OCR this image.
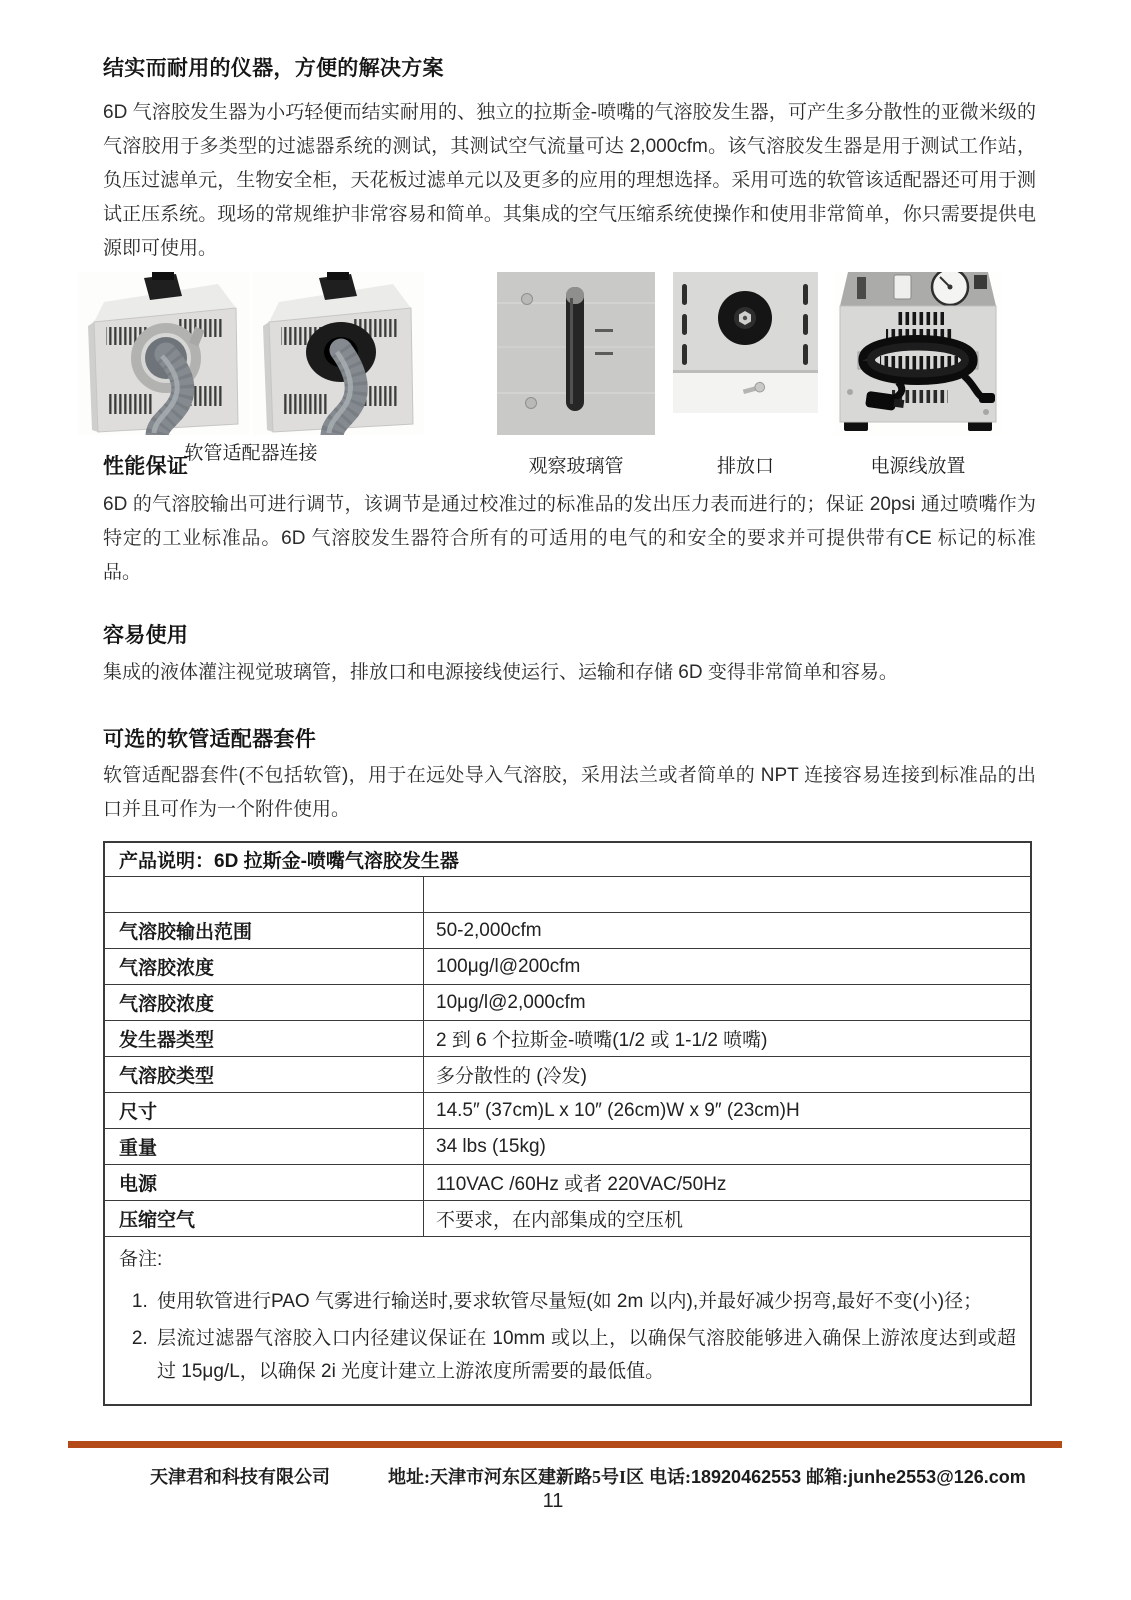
结实而耐用的仪器，方便的解决方案
6D 气溶胶发生器为小巧轻便而结实耐用的、独立的拉斯金-喷嘴的气溶胶发生器，可产生多分散性的亚微米级的气溶胶用于多类型的过滤器系统的测试，其测试空气流量可达 2,000cfm。该气溶胶发生器是用于测试工作站，负压过滤单元，生物安全柜，天花板过滤单元以及更多的应用的理想选择。采用可选的软管该适配器还可用于测试正压系统。现场的常规维护非常容易和简单。其集成的空气压缩系统使操作和使用非常简单，你只需要提供电源即可使用。
软管适配器连接
观察玻璃管	排放口	电源线放置
性能保证
6D 的气溶胶输出可进行调节，该调节是通过校准过的标准品的发出压力表而进行的；保证 20psi 通过喷嘴作为特定的工业标准品。6D 气溶胶发生器符合所有的可适用的电气的和安全的要求并可提供带有CE 标记的标准品。
容易使用
集成的液体灌注视觉玻璃管，排放口和电源接线使运行、运输和存储 6D 变得非常简单和容易。
可选的软管适配器套件
软管适配器套件(不包括软管)，用于在远处导入气溶胶，采用法兰或者简单的 NPT 连接容易连接到标准品的出口并且可作为一个附件使用。
产品说明：6D 拉斯金-喷嘴气溶胶发生器	

气溶胶输出范围	50-2,000cfm
气溶胶浓度	100μg/l@200cfm
气溶胶浓度	10μg/l@2,000cfm
发生器类型	2 到 6 个拉斯金-喷嘴(1/2 或 1-1/2 喷嘴)
气溶胶类型	多分散性的 (冷发)
尺寸	14.5″ (37cm)L x 10″ (26cm)W x 9″ (23cm)H
重量	34 lbs (15kg)
电源	110VAC /60Hz 或者 220VAC/50Hz
压缩空气	不要求，在内部集成的空压机

备注:
1. 使用软管进行PAO 气雾进行输送时,要求软管尽量短(如 2m 以内),并最好减少拐弯,最好不变(小)径；
2. 层流过滤器气溶胶入口内径建议保证在 10mm 或以上，以确保气溶胶能够进入确保上游浓度达到或超过 15μg/L，以确保 2i 光度计建立上游浓度所需要的最低值。
天津君和科技有限公司	地址:天津市河东区建新路5号I区 电话:18920462553 邮箱:junhe2553@126.com
11
